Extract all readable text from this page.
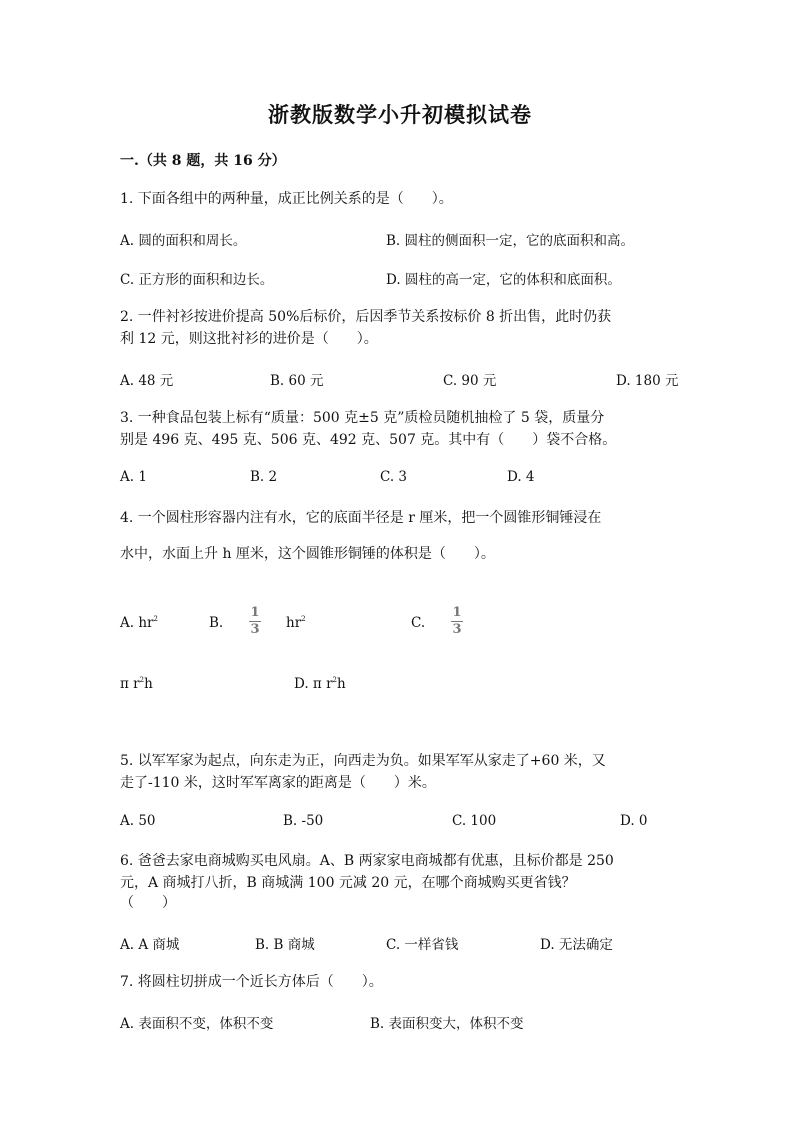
浙教版数学小升初模拟试卷
一.（共 8 题，共 16 分）
1. 下面各组中的两种量，成正比例关系的是（　　）。
A. 圆的面积和周长。	B. 圆柱的侧面积一定，它的底面积和高。
C. 正方形的面积和边长。	D. 圆柱的高一定，它的体积和底面积。
2. 一件衬衫按进价提高 50%后标价，后因季节关系按标价 8 折出售，此时仍获
利 12 元，则这批衬衫的进价是（　　）。
A. 48 元	B. 60 元	C. 90 元	D. 180 元
3. 一种食品包装上标有“质量：500 克±5 克”质检员随机抽检了 5 袋，质量分
别是 496 克、495 克、506 克、492 克、507 克。其中有（　　）袋不合格。
A. 1	B. 2	C. 3	D. 4
4. 一个圆柱形容器内注有水，它的底面半径是 r 厘米，把一个圆锥形铜锤浸在
水中，水面上升 h 厘米，这个圆锥形铜锤的体积是（　　）。
A. $hr^2$	B.
1
3 $hr^2$	C.
1
3
π $r^2h$	D. π $r^2h$
5. 以军军家为起点，向东走为正，向西走为负。如果军军从家走了+60 米，又
走了-110 米，这时军军离家的距离是（　　）米。
A. 50	B. -50	C. 100	D. 0
6. 爸爸去家电商城购买电风扇。A、B 两家家电商城都有优惠，且标价都是 250
元，A 商城打八折，B 商城满 100 元减 20 元，在哪个商城购买更省钱？
（　　）
A. A 商城	B. B 商城	C. 一样省钱	D. 无法确定
7. 将圆柱切拼成一个近长方体后（　　）。
A. 表面积不变，体积不变	B. 表面积变大，体积不变
